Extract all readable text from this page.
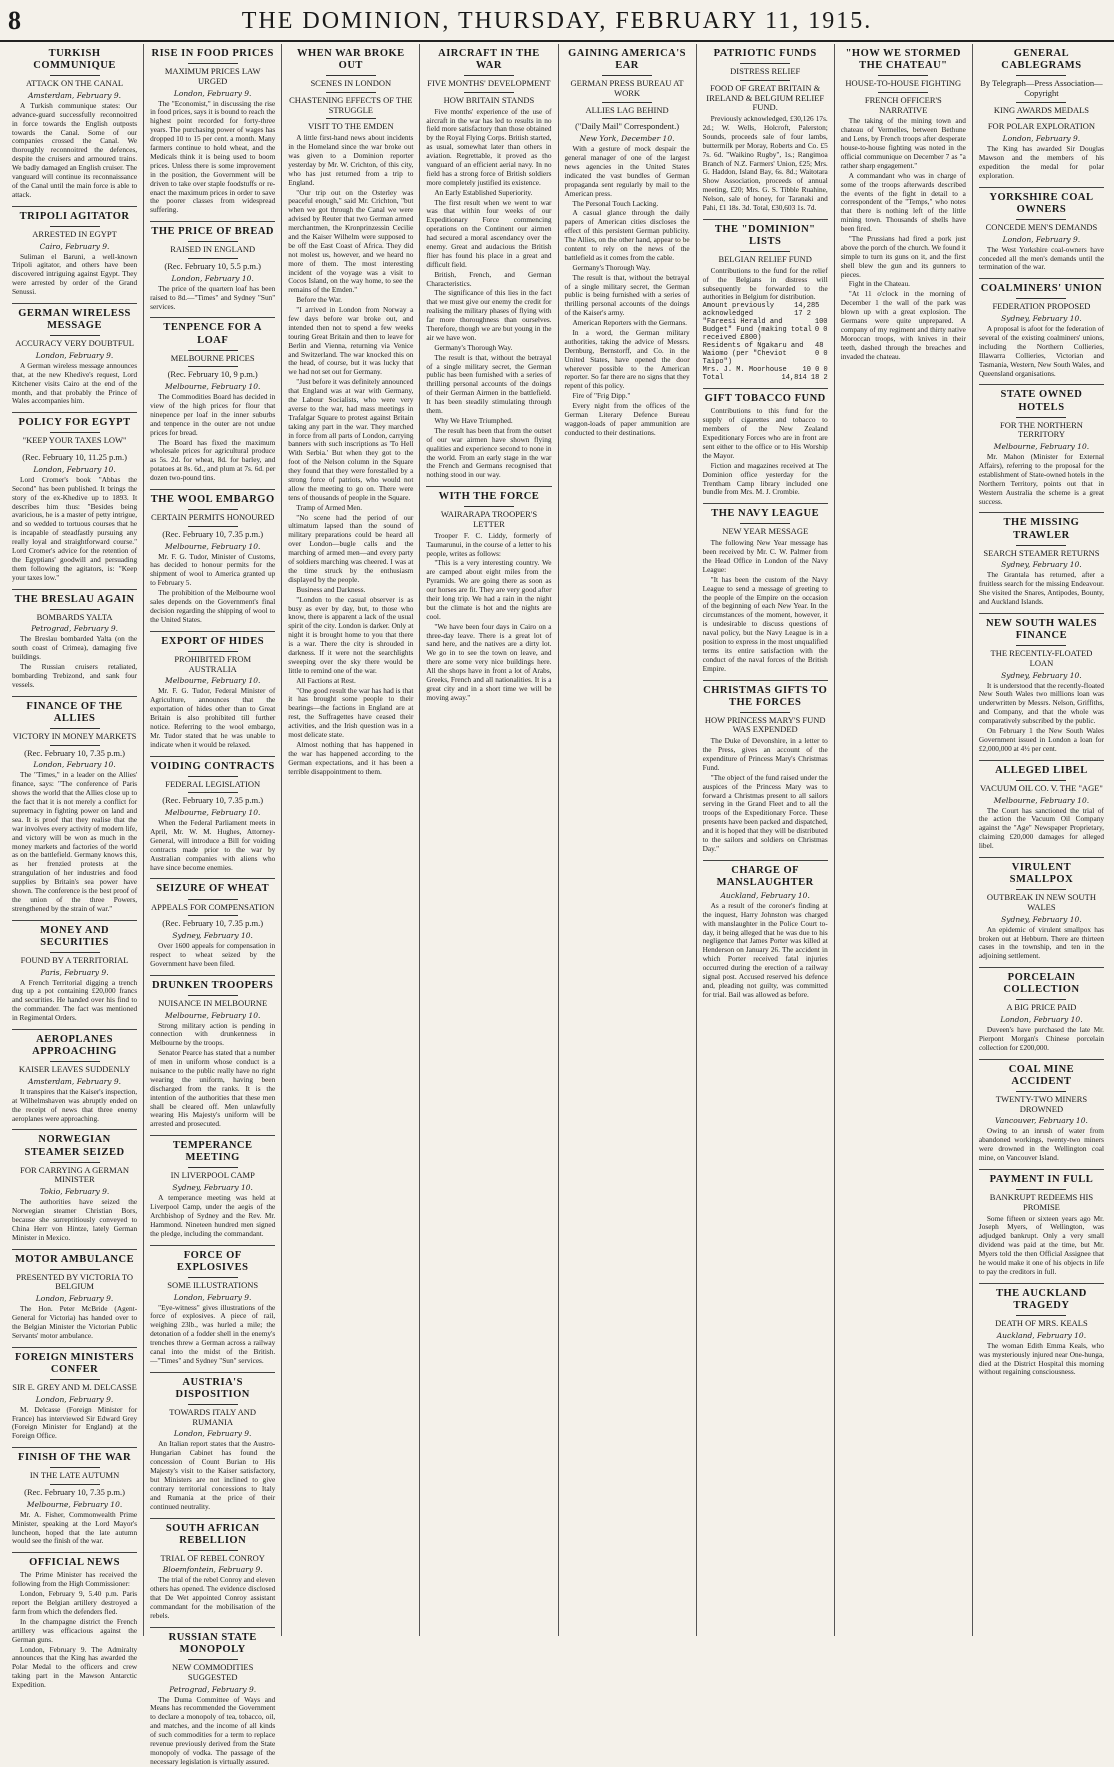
8	THE DOMINION, THURSDAY, FEBRUARY 11, 1915.
TURKISH COMMUNIQUE
ATTACK ON THE CANAL
Amsterdam, February 9.

A Turkish communique states: Our advance-guard successfully reconnoitred in force towards the English outposts towards the Canal. Some of our companies crossed the Canal. We thoroughly reconnoitred the defences, despite the cruisers and armoured trains. We badly damaged an English cruiser. The vanguard will continue its reconnaissance of the Canal until the main force is able to attack.

TRIPOLI AGITATOR
ARRESTED IN EGYPT
Cairo, February 9.

Suliman el Baruni, a well-known Tripoli agitator, and others have been discovered intriguing against Egypt. They were arrested by order of the Grand Senussi.

GERMAN WIRELESS MESSAGE
ACCURACY VERY DOUBTFUL
London, February 9.

A German wireless message announces that, at the new Khedive's request, Lord Kitchener visits Cairo at the end of the month, and that probably the Prince of Wales accompanies him.

POLICY FOR EGYPT
"KEEP YOUR TAXES LOW"
(Rec. February 10, 11.25 p.m.)
London, February 10.

Lord Cromer's book "Abbas the Second" has been published. It brings the story of the ex-Khedive up to 1893. It describes him thus: "Besides being avaricious, he is a master of petty intrigue, and so wedded to tortuous courses that he is incapable of steadfastly pursuing any really loyal and straightforward course." Lord Cromer's advice for the retention of the Egyptians' goodwill and persuading them following the agitators, is: "Keep your taxes low."

THE BRESLAU AGAIN
BOMBARDS YALTA
Petrograd, February 9.

The Breslau bombarded Yalta (on the south coast of Crimea), damaging five buildings.

The Russian cruisers retaliated, bombarding Trebizond, and sank four vessels.

FINANCE OF THE ALLIES
VICTORY IN MONEY MARKETS
(Rec. February 10, 7.35 p.m.)
London, February 10.

The "Times," in a leader on the Allies' finance, says: "The conference of Paris shows the world that the Allies close up to the fact that it is not merely a conflict for supremacy in fighting power on land and sea. It is proof that they realise that the war involves every activity of modern life, and victory will be won as much in the money markets and factories of the world as on the battlefield. Germany knows this, as her frenzied protests at the strangulation of her industries and food supplies by Britain's sea power have shown. The conference is the best proof of the union of the three Powers, strengthened by the strain of war."

MONEY AND SECURITIES
FOUND BY A TERRITORIAL
Paris, February 9.

A French Territorial digging a trench dug up a pot containing £20,000 francs and securities. He handed over his find to the commander. The fact was mentioned in Regimental Orders.

AEROPLANES APPROACHING
KAISER LEAVES SUDDENLY
Amsterdam, February 9.

It transpires that the Kaiser's inspection, at Wilhelmshaven was abruptly ended on the receipt of news that three enemy aeroplanes were approaching.

NORWEGIAN STEAMER SEIZED
FOR CARRYING A GERMAN MINISTER
Tokio, February 9.

The authorities have seized the Norwegian steamer Christian Bors, because she surreptitiously conveyed to China Herr von Hintze, lately German Minister in Mexico.

MOTOR AMBULANCE
PRESENTED BY VICTORIA TO BELGIUM
London, February 9.

The Hon. Peter McBride (Agent-General for Victoria) has handed over to the Belgian Minister the Victorian Public Servants' motor ambulance.

FOREIGN MINISTERS CONFER
SIR E. GREY AND M. DELCASSE
London, February 9.

M. Delcasse (Foreign Minister for France) has interviewed Sir Edward Grey (Foreign Minister for England) at the Foreign Office.

FINISH OF THE WAR
IN THE LATE AUTUMN
(Rec. February 10, 7.35 p.m.)
Melbourne, February 10.

Mr. A. Fisher, Commonwealth Prime Minister, speaking at the Lord Mayor's luncheon, hoped that the late autumn would see the finish of the war.

OFFICIAL NEWS

The Prime Minister has received the following from the High Commissioner:

London, February 9, 5.40 p.m. Paris report the Belgian artillery destroyed a farm from which the defenders fled.

In the champagne district the French artillery was efficacious against the German guns.

London, February 9. The Admiralty announces that the King has awarded the Polar Medal to the officers and crew taking part in the Mawson Antarctic Expedition.

RISE IN FOOD PRICES
MAXIMUM PRICES LAW URGED
London, February 9.

The "Economist," in discussing the rise in food prices, says it is bound to reach the highest point recorded for forty-three years. The purchasing power of wages has dropped 10 to 15 per cent. a month. Many farmers continue to hold wheat, and the Medicals think it is being used to boom prices. Unless there is some improvement in the position, the Government will be driven to take over staple foodstuffs or re-enact the maximum prices in order to save the poorer classes from widespread suffering.

THE PRICE OF BREAD
RAISED IN ENGLAND
(Rec. February 10, 5.5 p.m.)
London, February 10.

The price of the quartern loaf has been raised to 8d.—"Times" and Sydney "Sun" services.

TENPENCE FOR A LOAF
MELBOURNE PRICES
(Rec. February 10, 9 p.m.)
Melbourne, February 10.

The Commodities Board has decided in view of the high prices for flour that ninepence per loaf in the inner suburbs and tenpence in the outer are not undue prices for bread.

The Board has fixed the maximum wholesale prices for agricultural produce as 5s. 2d. for wheat, 8d. for barley, and potatoes at 8s. 6d., and plum at 7s. 6d. per dozen two-pound tins.

THE WOOL EMBARGO
CERTAIN PERMITS HONOURED
(Rec. February 10, 7.35 p.m.)
Melbourne, February 10.

Mr. F. G. Tudor, Minister of Customs, has decided to honour permits for the shipment of wool to America granted up to February 5.

The prohibition of the Melbourne wool sales depends on the Government's final decision regarding the shipping of wool to the United States.

EXPORT OF HIDES
PROHIBITED FROM AUSTRALIA
Melbourne, February 10.

Mr. F. G. Tudor, Federal Minister of Agriculture, announces that the exportation of hides other than to Great Britain is also prohibited till further notice. Referring to the wool embargo, Mr. Tudor stated that he was unable to indicate when it would be relaxed.

VOIDING CONTRACTS
FEDERAL LEGISLATION
(Rec. February 10, 7.35 p.m.)
Melbourne, February 10.

When the Federal Parliament meets in April, Mr. W. M. Hughes, Attorney-General, will introduce a Bill for voiding contracts made prior to the war by Australian companies with aliens who have since become enemies.

SEIZURE OF WHEAT
APPEALS FOR COMPENSATION
(Rec. February 10, 7.35 p.m.)
Sydney, February 10.

Over 1600 appeals for compensation in respect to wheat seized by the Government have been filed.

DRUNKEN TROOPERS
NUISANCE IN MELBOURNE
Melbourne, February 10.

Strong military action is pending in connection with drunkenness in Melbourne by the troops.

Senator Pearce has stated that a number of men in uniform whose conduct is a nuisance to the public really have no right wearing the uniform, having been discharged from the ranks. It is the intention of the authorities that these men shall be cleared off. Men unlawfully wearing His Majesty's uniform will be arrested and prosecuted.

TEMPERANCE MEETING
IN LIVERPOOL CAMP
Sydney, February 10.

A temperance meeting was held at Liverpool Camp, under the aegis of the Archbishop of Sydney and the Rev. Mr. Hammond. Nineteen hundred men signed the pledge, including the commandant.

FORCE OF EXPLOSIVES
SOME ILLUSTRATIONS
London, February 9.

"Eye-witness" gives illustrations of the force of explosives. A piece of rail, weighing 23lb., was hurled a mile; the detonation of a fodder shell in the enemy's trenches threw a German across a railway canal into the midst of the British.—"Times" and Sydney "Sun" services.

AUSTRIA'S DISPOSITION
TOWARDS ITALY AND RUMANIA
London, February 9.

An Italian report states that the Austro-Hungarian Cabinet has found the concession of Count Burian to His Majesty's visit to the Kaiser satisfactory, but Ministers are not inclined to give contrary territorial concessions to Italy and Rumania at the price of their continued neutrality.

SOUTH AFRICAN REBELLION
TRIAL OF REBEL CONROY
Bloemfontein, February 9.

The trial of the rebel Conroy and eleven others has opened. The evidence disclosed that De Wet appointed Conroy assistant commandant for the mobilisation of the rebels.

RUSSIAN STATE MONOPOLY
NEW COMMODITIES SUGGESTED
Petrograd, February 9.

The Duma Committee of Ways and Means has recommended the Government to declare a monopoly of tea, tobacco, oil, and matches, and the income of all kinds of such commodities for a term to replace revenue previously derived from the State monopoly of vodka. The passage of the necessary legislation is virtually assured.

WHEN WAR BROKE OUT
SCENES IN LONDON
CHASTENING EFFECTS OF THE STRUGGLE
VISIT TO THE EMDEN

A little first-hand news about incidents in the Homeland since the war broke out was given to a Dominion reporter yesterday by Mr. W. Crichton, of this city, who has just returned from a trip to England.

"Our trip out on the Osterley was peaceful enough," said Mr. Crichton, "but when we got through the Canal we were advised by Reuter that two German armed merchantmen, the Kronprinzessin Cecilie and the Kaiser Wilhelm were supposed to be off the East Coast of Africa. They did not molest us, however, and we heard no more of them. The most interesting incident of the voyage was a visit to Cocos Island, on the way home, to see the remains of the Emden."

Before the War.

"I arrived in London from Norway a few days before war broke out, and intended then not to spend a few weeks touring Great Britain and then to leave for Berlin and Vienna, returning via Venice and Switzerland. The war knocked this on the head, of course, but it was lucky that we had not set out for Germany.

"Just before it was definitely announced that England was at war with Germany, the Labour Socialists, who were very averse to the war, had mass meetings in Trafalgar Square to protest against Britain taking any part in the war. They marched in force from all parts of London, carrying banners with such inscriptions as 'To Hell With Serbia.' But when they got to the foot of the Nelson column in the Square they found that they were forestalled by a strong force of patriots, who would not allow the meeting to go on. There were tens of thousands of people in the Square.

Tramp of Armed Men.

"No scene had the period of our ultimatum lapsed than the sound of military preparations could be heard all over London—bugle calls and the marching of armed men—and every party of soldiers marching was cheered. I was at the time struck by the enthusiasm displayed by the people.

Business and Darkness.

"London to the casual observer is as busy as ever by day, but, to those who know, there is apparent a lack of the usual spirit of the city. London is darker. Only at night it is brought home to you that there is a war. There the city is shrouded in darkness. If it were not the searchlights sweeping over the sky there would be little to remind one of the war.

All Factions at Rest.

"One good result the war has had is that it has brought some people to their bearings—the factions in England are at rest, the Suffragettes have ceased their activities, and the Irish question was in a most delicate state.

Almost nothing that has happened in the war has happened according to the German expectations, and it has been a terrible disappointment to them.

AIRCRAFT IN THE WAR
FIVE MONTHS' DEVELOPMENT
HOW BRITAIN STANDS

Five months' experience of the use of aircraft in the war has led to results in no field more satisfactory than those obtained by the Royal Flying Corps. British started, as usual, somewhat later than others in aviation. Regrettable, it proved as tho vanguard of an efficient aerial navy. In no field has a strong force of British soldiers more completely justified its existence.

An Early Established Superiority.

The first result when we went to war was that within four weeks of our Expeditionary Force commencing operations on the Continent our airmen had secured a moral ascendancy over the enemy. Great and audacious the British flier has found his place in a great and difficult field.

British, French, and German Characteristics.

The significance of this lies in the fact that we must give our enemy the credit for realising the military phases of flying with far more thoroughness than ourselves. Therefore, though we are but young in the air we have won.

Germany's Thorough Way.

The result is that, without the betrayal of a single military secret, the German public has been furnished with a series of thrilling personal accounts of the doings of their German Airmen in the battlefield. It has been steadily stimulating through them.

Why We Have Triumphed.

The result has been that from the outset of our war airmen have shown flying qualities and experience second to none in the world. From an early stage in the war the French and Germans recognised that nothing stood in our way.

WITH THE FORCE
WAIRARAPA TROOPER'S LETTER

Trooper F. C. Liddy, formerly of Taumarunui, in the course of a letter to his people, writes as follows:

"This is a very interesting country. We are camped about eight miles from the Pyramids. We are going there as soon as our horses are fit. They are very good after their long trip. We had a rain in the night but the climate is hot and the nights are cool.

"We have been four days in Cairo on a three-day leave. There is a great lot of sand here, and the natives are a dirty lot. We go in to see the town on leave, and there are some very nice buildings here. All the shops have in front a lot of Arabs, Greeks, French and all nationalities. It is a great city and in a short time we will be moving away."

GAINING AMERICA'S EAR
GERMAN PRESS BUREAU AT WORK
ALLIES LAG BEHIND
("Daily Mail" Correspondent.)
New York, December 10.

With a gesture of mock despair the general manager of one of the largest news agencies in the United States indicated the vast bundles of German propaganda sent regularly by mail to the American press.

The Personal Touch Lacking.

A casual glance through the daily papers of American cities discloses the effect of this persistent German publicity. The Allies, on the other hand, appear to be content to rely on the news of the battlefield as it comes from the cable.

Germany's Thorough Way.

The result is that, without the betrayal of a single military secret, the German public is being furnished with a series of thrilling personal accounts of the doings of the Kaiser's army.

American Reporters with the Germans.

In a word, the German military authorities, taking the advice of Messrs. Dernburg, Bernstorff, and Co. in the United States, have opened the door wherever possible to the American reporter. So far there are no signs that they repent of this policy.

Fire of "Frig Dipp."

Every night from the offices of the German Literary Defence Bureau waggon-loads of paper ammunition are conducted to their destinations.

PATRIOTIC FUNDS
DISTRESS RELIEF
FOOD OF GREAT BRITAIN & IRELAND & BELGIUM RELIEF FUND.

Previously acknowledged, £30,126 17s. 2d.; W. Wells, Holcroft, Palerston; Sounds, proceeds sale of four lambs, buttermilk per Moray, Roberts and Co. £5 7s. 6d. "Waikino Rugby", 1s.; Rangimoa Branch of N.Z. Farmers' Union, £25; Mrs. G. Haddon, Island Bay, 6s. 8d.; Waitotara Show Association, proceeds of annual meeting, £20; Mrs. G. S. Tibble Ruahine, Nelson, sale of honey, for Taranaki and Pahi, £1 18s. 3d. Total, £30,603 1s. 7d.

THE "DOMINION" LISTS
BELGIAN RELIEF FUND

Contributions to the fund for the relief of the Belgians in distress will subsequently be forwarded to the authorities in Belgium for distribution.

Amount previously acknowledged
14,285 17 2
"Fareesi Herald and Budget" Fund (making total received £800)
100 0 0
Residents of Ngakaru and Waiomo (per "Cheviot Taipo")
48 0 0
Mrs. J. M. Moorhouse 10 0 0
Total	14,814 18 2
GIFT TOBACCO FUND

Contributions to this fund for the supply of cigarettes and tobacco to members of the New Zealand Expeditionary Forces who are in front are sent either to the office or to His Worship the Mayor.

Fiction and magazines received at The Dominion office yesterday for the Trentham Camp library included one bundle from Mrs. M. J. Crombie.

THE NAVY LEAGUE
NEW YEAR MESSAGE

The following New Year message has been received by Mr. C. W. Palmer from the Head Office in London of the Navy League:

"It has been the custom of the Navy League to send a message of greeting to the people of the Empire on the occasion of the beginning of each New Year. In the circumstances of the moment, however, it is undesirable to discuss questions of naval policy, but the Navy League is in a position to express in the most unqualified terms its entire satisfaction with the conduct of the naval forces of the British Empire.

CHRISTMAS GIFTS TO THE FORCES
HOW PRINCESS MARY'S FUND WAS EXPENDED

The Duke of Devonshire, in a letter to the Press, gives an account of the expenditure of Princess Mary's Christmas Fund.

"The object of the fund raised under the auspices of the Princess Mary was to forward a Christmas present to all sailors serving in the Grand Fleet and to all the troops of the Expeditionary Force. These presents have been packed and dispatched, and it is hoped that they will be distributed to the sailors and soldiers on Christmas Day."

CHARGE OF MANSLAUGHTER
Auckland, February 10.

As a result of the coroner's finding at the inquest, Harry Johnston was charged with manslaughter in the Police Court to-day, it being alleged that he was due to his negligence that James Porter was killed at Henderson on January 26. The accident in which Porter received fatal injuries occurred during the erection of a railway signal post. Accused reserved his defence and, pleading not guilty, was committed for trial. Bail was allowed as before.

"HOW WE STORMED THE CHATEAU"
HOUSE-TO-HOUSE FIGHTING
FRENCH OFFICER'S NARRATIVE

The taking of the mining town and chateau of Vermelles, between Bethune and Lens, by French troops after desperate house-to-house fighting was noted in the official communique on December 7 as "a rather sharp engagement."

A commandant who was in charge of some of the troops afterwards described the events of the fight in detail to a correspondent of the "Temps," who notes that there is nothing left of the little mining town. Thousands of shells have been fired.

"The Prussians had fired a pork just above the porch of the church. We found it simple to turn its guns on it, and the first shell blew the gun and its gunners to pieces.

Fight in the Chateau.

"At 11 o'clock in the morning of December 1 the wall of the park was blown up with a great explosion. The Germans were quite unprepared. A company of my regiment and thirty native Moroccan troops, with knives in their teeth, dashed through the breaches and invaded the chateau.

GENERAL CABLEGRAMS
By Telegraph—Press Association—Copyright
KING AWARDS MEDALS
FOR POLAR EXPLORATION
London, February 9.

The King has awarded Sir Douglas Mawson and the members of his expedition the medal for polar exploration.

YORKSHIRE COAL OWNERS
CONCEDE MEN'S DEMANDS
London, February 9.

The West Yorkshire coal-owners have conceded all the men's demands until the termination of the war.

COALMINERS' UNION
FEDERATION PROPOSED
Sydney, February 10.

A proposal is afoot for the federation of several of the existing coalminers' unions, including the Northern Collieries, Illawarra Collieries, Victorian and Tasmania, Western, New South Wales, and Queensland organisations.

STATE OWNED HOTELS
FOR THE NORTHERN TERRITORY
Melbourne, February 10.

Mr. Mahon (Minister for External Affairs), referring to the proposal for the establishment of State-owned hotels in the Northern Territory, points out that in Western Australia the scheme is a great success.

THE MISSING TRAWLER
SEARCH STEAMER RETURNS
Sydney, February 10.

The Grantala has returned, after a fruitless search for the missing Endeavour. She visited the Snares, Antipodes, Bounty, and Auckland Islands.

NEW SOUTH WALES FINANCE
THE RECENTLY-FLOATED LOAN
Sydney, February 10.

It is understood that the recently-floated New South Wales two millions loan was underwritten by Messrs. Nelson, Griffiths, and Company, and that the whole was comparatively subscribed by the public.

On February 1 the New South Wales Government issued in London a loan for £2,000,000 at 4½ per cent.

ALLEGED LIBEL
VACUUM OIL CO. V. THE "AGE"
Melbourne, February 10.

The Court has sanctioned the trial of the action the Vacuum Oil Company against the "Age" Newspaper Proprietary, claiming £20,000 damages for alleged libel.

VIRULENT SMALLPOX
OUTBREAK IN NEW SOUTH WALES
Sydney, February 10.

An epidemic of virulent smallpox has broken out at Hebburn. There are thirteen cases in the township, and ten in the adjoining settlement.

PORCELAIN COLLECTION
A BIG PRICE PAID
London, February 10.

Duveen's have purchased the late Mr. Pierpont Morgan's Chinese porcelain collection for £200,000.

COAL MINE ACCIDENT
TWENTY-TWO MINERS DROWNED
Vancouver, February 10.

Owing to an inrush of water from abandoned workings, twenty-two miners were drowned in the Wellington coal mine, on Vancouver Island.

PAYMENT IN FULL
BANKRUPT REDEEMS HIS PROMISE

Some fifteen or sixteen years ago Mr. Joseph Myers, of Wellington, was adjudged bankrupt. Only a very small dividend was paid at the time, but Mr. Myers told the then Official Assignee that he would make it one of his objects in life to pay the creditors in full.

THE AUCKLAND TRAGEDY
DEATH OF MRS. KEALS
Auckland, February 10.

The woman Edith Emma Keals, who was mysteriously injured near One-hunga, died at the District Hospital this morning without regaining consciousness.
